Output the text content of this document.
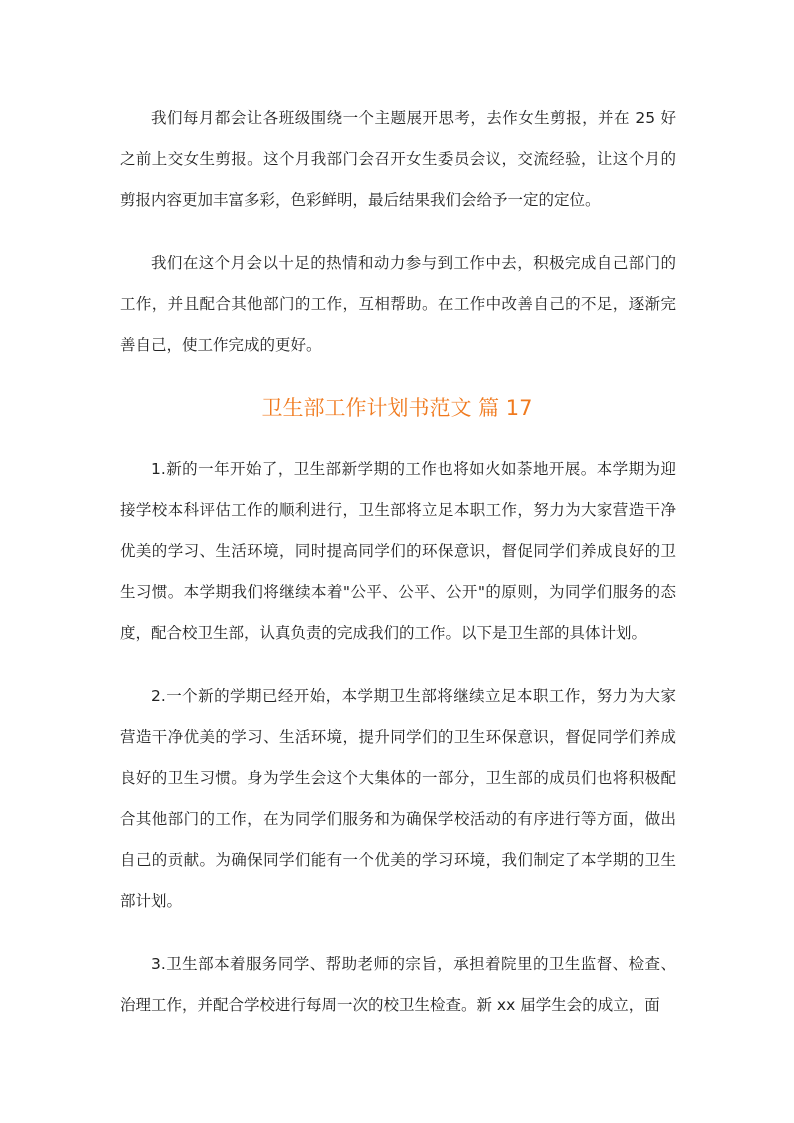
我们每月都会让各班级围绕一个主题展开思考，去作女生剪报，并在 25 好之前上交女生剪报。这个月我部门会召开女生委员会议，交流经验，让这个月的剪报内容更加丰富多彩，色彩鲜明，最后结果我们会给予一定的定位。

我们在这个月会以十足的热情和动力参与到工作中去，积极完成自己部门的工作，并且配合其他部门的工作，互相帮助。在工作中改善自己的不足，逐渐完善自己，使工作完成的更好。

卫生部工作计划书范文 篇 17

1.新的一年开始了，卫生部新学期的工作也将如火如荼地开展。本学期为迎接学校本科评估工作的顺利进行，卫生部将立足本职工作，努力为大家营造干净优美的学习、生活环境，同时提高同学们的环保意识，督促同学们养成良好的卫生习惯。本学期我们将继续本着"公平、公平、公开"的原则，为同学们服务的态度，配合校卫生部，认真负责的完成我们的工作。以下是卫生部的具体计划。

2.一个新的学期已经开始，本学期卫生部将继续立足本职工作，努力为大家营造干净优美的学习、生活环境，提升同学们的卫生环保意识，督促同学们养成良好的卫生习惯。身为学生会这个大集体的一部分，卫生部的成员们也将积极配合其他部门的工作，在为同学们服务和为确保学校活动的有序进行等方面，做出自己的贡献。为确保同学们能有一个优美的学习环境，我们制定了本学期的卫生部计划。

3.卫生部本着服务同学、帮助老师的宗旨，承担着院里的卫生监督、检查、治理工作，并配合学校进行每周一次的校卫生检查。新 xx 届学生会的成立，面
